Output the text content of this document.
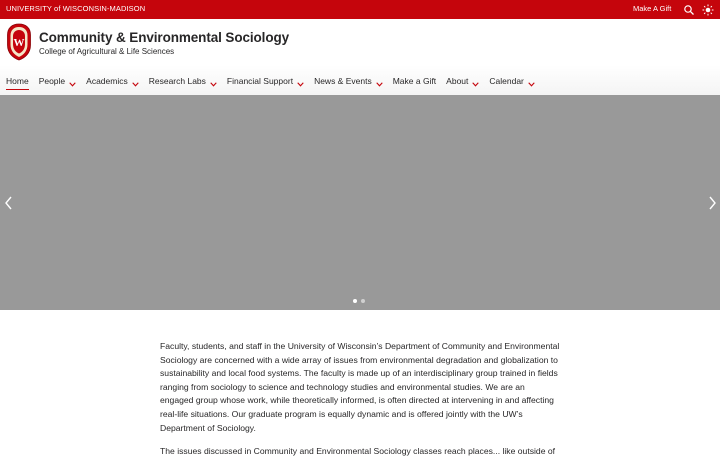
UNIVERSITY of WISCONSIN-MADISON	Make A Gift
W Community & Environmental Sociology
College of Agricultural & Life Sciences
Home People Academics Research Labs Financial Support News & Events Make a Gift About Calendar

Faculty, students, and staff in the University of Wisconsin’s Department of Community and Environmental Sociology are concerned with a wide array of issues from environmental degradation and globalization to sustainability and local food systems. The faculty is made up of an interdisciplinary group trained in fields ranging from sociology to science and technology studies and environmental studies. We are an engaged group whose work, while theoretically informed, is often directed at intervening in and affecting real-life situations. Our graduate program is equally dynamic and is offered jointly with the UW’s Department of Sociology.

The issues discussed in Community and Environmental Sociology classes reach places... like outside of
